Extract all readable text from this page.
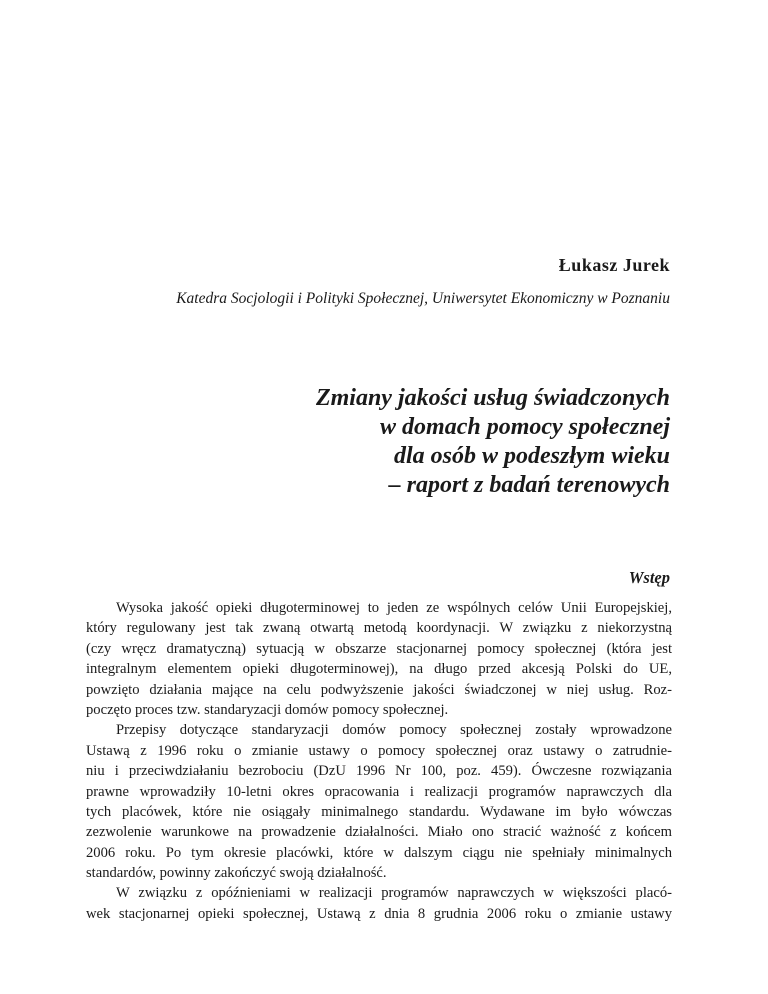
Łukasz Jurek
Katedra Socjologii i Polityki Społecznej, Uniwersytet Ekonomiczny w Poznaniu
Zmiany jakości usług świadczonych
w domach pomocy społecznej
dla osób w podeszłym wieku
– raport z badań terenowych
Wstęp
Wysoka jakość opieki długoterminowej to jeden ze wspólnych celów Unii Europejskiej,
który regulowany jest tak zwaną otwartą metodą koordynacji. W związku z niekorzystną
(czy wręcz dramatyczną) sytuacją w obszarze stacjonarnej pomocy społecznej (która jest
integralnym elementem opieki długoterminowej), na długo przed akcesją Polski do UE,
powzięto działania mające na celu podwyższenie jakości świadczonej w niej usług. Roz-
poczęto proces tzw. standaryzacji domów pomocy społecznej.
Przepisy dotyczące standaryzacji domów pomocy społecznej zostały wprowadzone
Ustawą z 1996 roku o zmianie ustawy o pomocy społecznej oraz ustawy o zatrudnie-
niu i przeciwdziałaniu bezrobociu (DzU 1996 Nr 100, poz. 459). Ówczesne rozwiązania
prawne wprowadziły 10-letni okres opracowania i realizacji programów naprawczych dla
tych placówek, które nie osiągały minimalnego standardu. Wydawane im było wówczas
zezwolenie warunkowe na prowadzenie działalności. Miało ono stracić ważność z końcem
2006 roku. Po tym okresie placówki, które w dalszym ciągu nie spełniały minimalnych
standardów, powinny zakończyć swoją działalność.
W związku z opóźnieniami w realizacji programów naprawczych w większości placó-
wek stacjonarnej opieki społecznej, Ustawą z dnia 8 grudnia 2006 roku o zmianie ustawy
